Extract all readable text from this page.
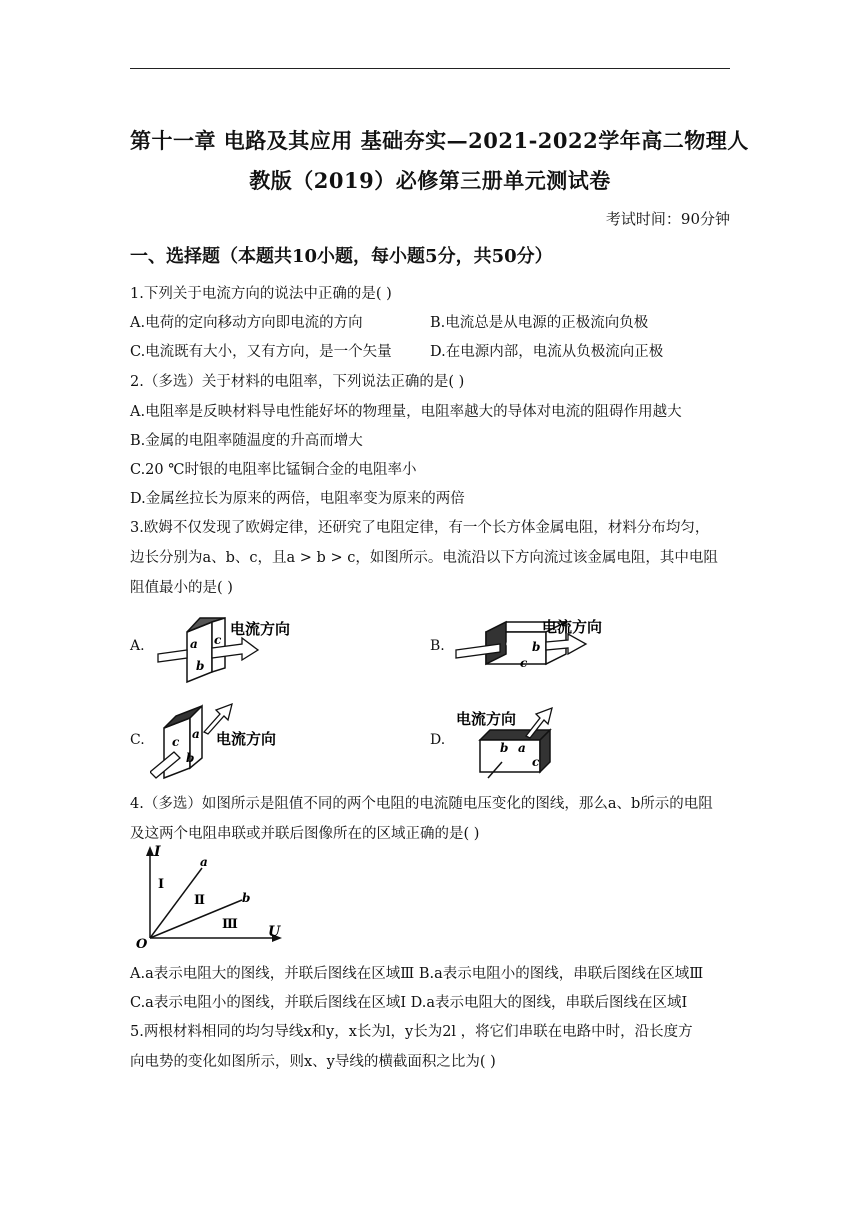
第十一章 电路及其应用 基础夯实—2021-2022学年高二物理人
教版（2019）必修第三册单元测试卷
考试时间：90分钟
一、选择题（本题共10小题，每小题5分，共50分）
1.下列关于电流方向的说法中正确的是( )
A.电荷的定向移动方向即电流的方向	B.电流总是从电源的正极流向负极
C.电流既有大小，又有方向，是一个矢量	D.在电源内部，电流从负极流向正极
2.（多选）关于材料的电阻率，下列说法正确的是( )
A.电阻率是反映材料导电性能好坏的物理量，电阻率越大的导体对电流的阻碍作用越大
B.金属的电阻率随温度的升高而增大
C.20 ℃时银的电阻率比锰铜合金的电阻率小
D.金属丝拉长为原来的两倍，电阻率变为原来的两倍
3.欧姆不仅发现了欧姆定律，还研究了电阻定律，有一个长方体金属电阻，材料分布均匀，
边长分别为a、b、c，且a > b > c，如图所示。电流沿以下方向流过该金属电阻，其中电阻
阻值最小的是( )
A.	a
b
c
电流方向
B.	a b
c
电流方向
C. c
a
b
电流方向	D.	b a
c
电流方向
4.（多选）如图所示是阻值不同的两个电阻的电流随电压变化的图线，那么a、b所示的电阻
及这两个电阻串联或并联后图像所在的区域正确的是( )
I
U
O
a
b
Ⅰ
Ⅱ
Ⅲ
A.a表示电阻大的图线，并联后图线在区域Ⅲ B.a表示电阻小的图线，串联后图线在区域Ⅲ
C.a表示电阻小的图线，并联后图线在区域Ⅰ D.a表示电阻大的图线，串联后图线在区域Ⅰ
5.两根材料相同的均匀导线x和y，x长为l，y长为2l ，将它们串联在电路中时，沿长度方
向电势的变化如图所示，则x、y导线的横截面积之比为( )
